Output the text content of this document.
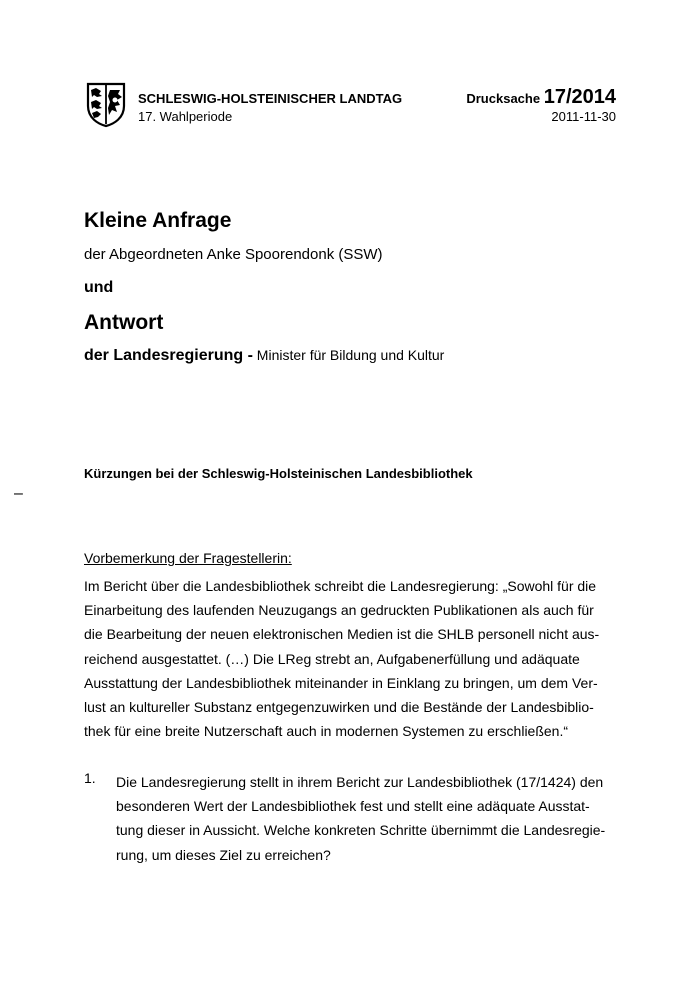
SCHLESWIG-HOLSTEINISCHER LANDTAG
17. Wahlperiode
Drucksache 17/2014
2011-11-30
Kleine Anfrage
der Abgeordneten Anke Spoorendonk (SSW)
und
Antwort
der Landesregierung - Minister für Bildung und Kultur
Kürzungen bei der Schleswig-Holsteinischen Landesbibliothek
–
Vorbemerkung der Fragestellerin:
Im Bericht über die Landesbibliothek schreibt die Landesregierung: „Sowohl für die
Einarbeitung des laufenden Neuzugangs an gedruckten Publikationen als auch für
die Bearbeitung der neuen elektronischen Medien ist die SHLB personell nicht aus-
reichend ausgestattet. (…) Die LReg strebt an, Aufgabenerfüllung und adäquate
Ausstattung der Landesbibliothek miteinander in Einklang zu bringen, um dem Ver-
lust an kultureller Substanz entgegenzuwirken und die Bestände der Landesbiblio-
thek für eine breite Nutzerschaft auch in modernen Systemen zu erschließen.“
1. Die Landesregierung stellt in ihrem Bericht zur Landesbibliothek (17/1424) den
besonderen Wert der Landesbibliothek fest und stellt eine adäquate Ausstat-
tung dieser in Aussicht. Welche konkreten Schritte übernimmt die Landesregie-
rung, um dieses Ziel zu erreichen?
